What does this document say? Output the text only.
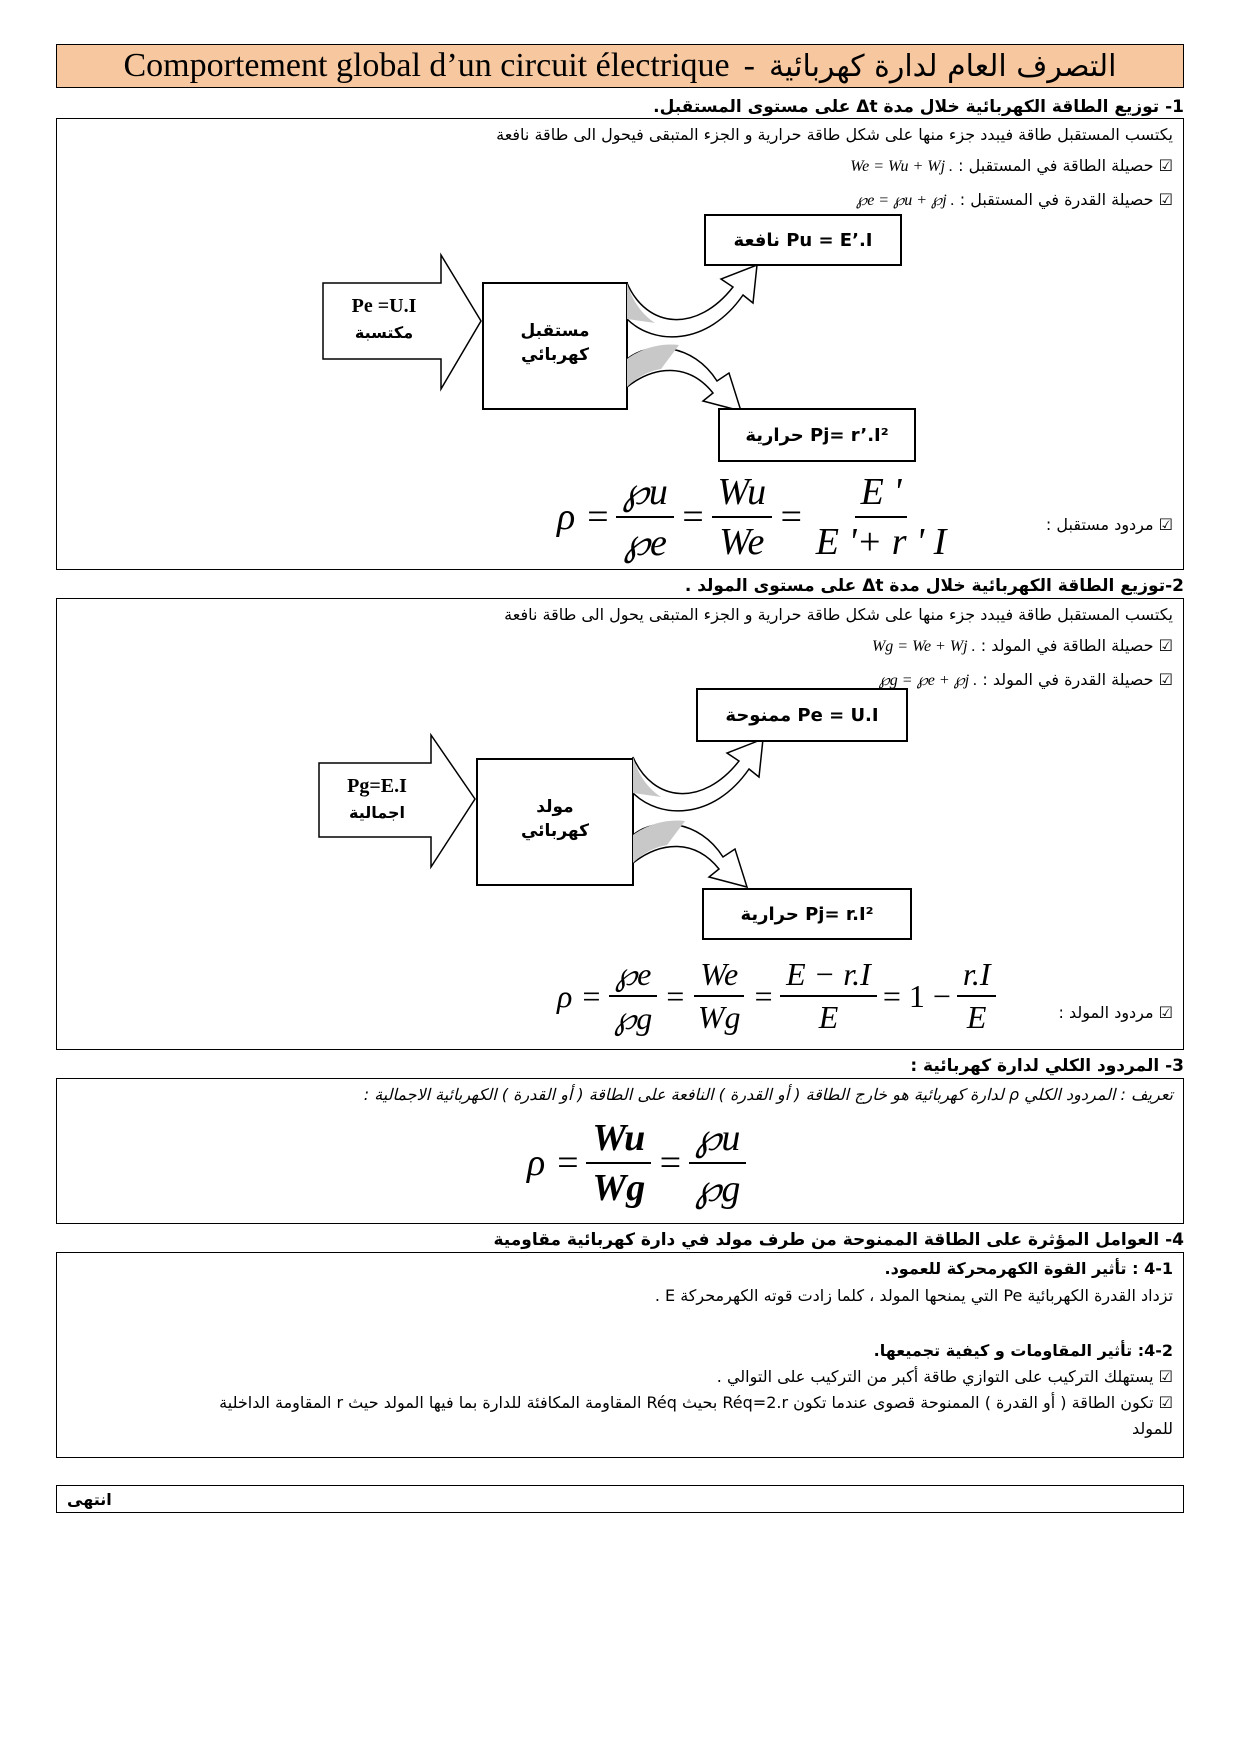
Comportement global d’un circuit électrique - التصرف العام لدارة كهربائية
1- توزيع الطاقة الكهربائية خلال مدة Δt على مستوى المستقبل.
يكتسب المستقبل طاقة فيبدد جزء منها على شكل طاقة حرارية و الجزء المتبقى فيحول الى طاقة نافعة
☑ حصيلة الطاقة في المستقبل : We = Wu + Wj .
☑ حصيلة القدرة في المستقبل : ℘e = ℘u + ℘j .
Pu = E’.I نافعة
Pj= r’.I² حرارية
Pe =U.I
مكتسبة	مستقبل
كهربائي
☑ مردود مستقبل :
$\rho = \frac{℘u}{℘e} = \frac{Wu}{We} = \frac{E '}{E '+ r ' I}$
2-توزيع الطاقة الكهربائية خلال مدة Δt على مستوى المولد .
يكتسب المستقبل طاقة فيبدد جزء منها على شكل طاقة حرارية و الجزء المتبقى يحول الى طاقة نافعة
☑ حصيلة الطاقة في المولد : Wg = We + Wj .
☑ حصيلة القدرة في المولد : ℘g = ℘e + ℘j .
Pe = U.I ممنوحة
Pj= r.I² حرارية
Pg=E.I
اجمالية	مولد
كهربائي
☑ مردود المولد :
$\rho = \frac{℘e}{℘g} = \frac{We}{Wg} = \frac{E - r.I}{E} = 1 - \frac{r.I}{E}$
3- المردود الكلي لدارة كهربائية :
تعريف : المردود الكلي ρ لدارة كهربائية هو خارج الطاقة ( أو القدرة ) النافعة على الطاقة ( أو القدرة ) الكهربائية الاجمالية :
$\rho = \frac{Wu}{Wg} = \frac{℘u}{℘g}$
4- العوامل المؤثرة على الطاقة الممنوحة من طرف مولد في دارة كهربائية مقاومية
4-1 : تأثير القوة الكهرمحركة للعمود.
تزداد القدرة الكهربائية Pe التي يمنحها المولد ، كلما زادت قوته الكهرمحركة E .
4-2: تأثير المقاومات و كيفية تجميعها.
☑ يستهلك التركيب على التوازي طاقة أكبر من التركيب على التوالي .
☑ تكون الطاقة ( أو القدرة ) الممنوحة قصوى عندما تكون Réq=2.r بحيث Réq المقاومة المكافئة للدارة بما فيها المولد حيث r المقاومة الداخلية
للمولد
انتهى
